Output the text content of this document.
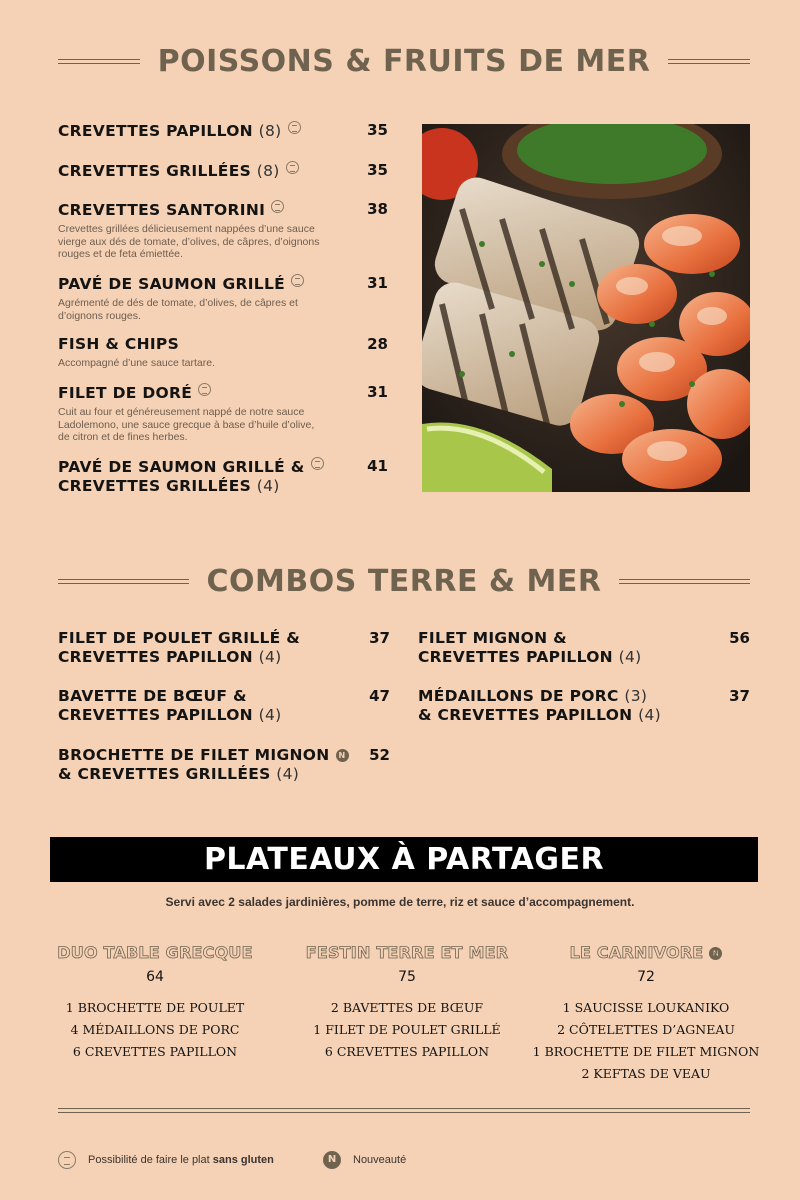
POISSONS & FRUITS DE MER
CREVETTES PAPILLON (8)	35
CREVETTES GRILLÉES (8)	35
CREVETTES SANTORINI	38
Crevettes grillées délicieusement nappées d’une sauce vierge aux dés de tomate, d’olives, de câpres, d’oignons rouges et de feta émiettée.
PAVÉ DE SAUMON GRILLÉ	31
Agrémenté de dés de tomate, d’olives, de câpres et d’oignons rouges.
FISH & CHIPS	28
Accompagné d’une sauce tartare.
FILET DE DORÉ	31
Cuit au four et généreusement nappé de notre sauce Ladolemono, une sauce grecque à base d’huile d’olive, de citron et de fines herbes.
PAVÉ DE SAUMON GRILLÉ &
CREVETTES GRILLÉES (4)
41
COMBOS TERRE & MER
FILET DE POULET GRILLÉ &
CREVETTES PAPILLON (4)
37
BAVETTE DE BŒUF &
CREVETTES PAPILLON (4)
47
BROCHETTE DE FILET MIGNON N
& CREVETTES GRILLÉES (4)
52
FILET MIGNON &
CREVETTES PAPILLON (4)
56
MÉDAILLONS DE PORC (3)
& CREVETTES PAPILLON (4)
37
PLATEAUX À PARTAGER
Servi avec 2 salades jardinières, pomme de terre, riz et sauce d’accompagnement.
DUO TABLE GRECQUE
64
1 BROCHETTE DE POULET
4 MÉDAILLONS DE PORC
6 CREVETTES PAPILLON
FESTIN TERRE ET MER
75
2 BAVETTES DE BŒUF
1 FILET DE POULET GRILLÉ
6 CREVETTES PAPILLON
LE CARNIVORE N
72
1 SAUCISSE LOUKANIKO
2 CÔTELETTES D’AGNEAU
1 BROCHETTE DE FILET MIGNON
2 KEFTAS DE VEAU
Possibilité de faire le plat sans gluten	N	Nouveauté
